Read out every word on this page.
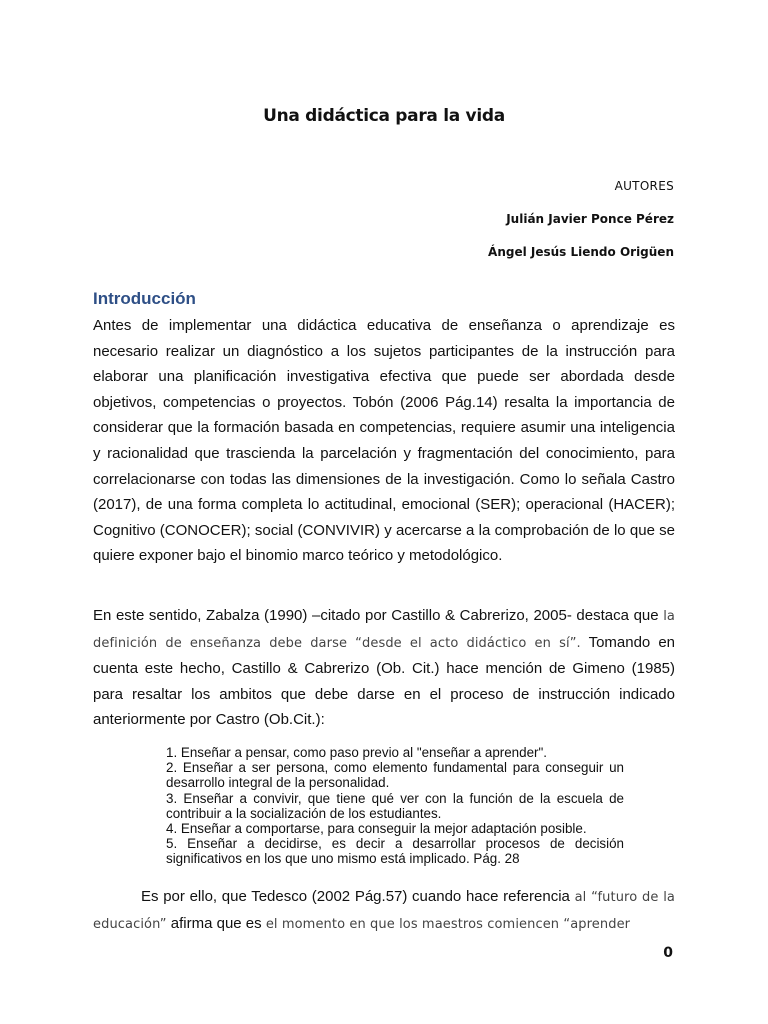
Una didáctica para la vida
AUTORES
Julián Javier Ponce Pérez
Ángel Jesús Liendo Origüen
Introducción
Antes de implementar una didáctica educativa de enseñanza o aprendizaje es necesario realizar un diagnóstico a los sujetos participantes de la instrucción para elaborar una planificación investigativa efectiva que puede ser abordada desde objetivos, competencias o proyectos. Tobón (2006 Pág.14) resalta la importancia de considerar que la formación basada en competencias, requiere asumir una inteligencia y racionalidad que trascienda la parcelación y fragmentación del conocimiento, para correlacionarse con todas las dimensiones de la investigación. Como lo señala Castro (2017), de una forma completa lo actitudinal, emocional (SER); operacional (HACER); Cognitivo (CONOCER); social (CONVIVIR) y acercarse a la comprobación de lo que se quiere exponer bajo el binomio marco teórico y metodológico.
En este sentido, Zabalza (1990) –citado por Castillo & Cabrerizo, 2005- destaca que la definición de enseñanza debe darse “desde el acto didáctico en sí”. Tomando en cuenta este hecho, Castillo & Cabrerizo (Ob. Cit.) hace mención de Gimeno (1985) para resaltar los ambitos que debe darse en el proceso de instrucción indicado anteriormente por Castro (Ob.Cit.):
1. Enseñar a pensar, como paso previo al "enseñar a aprender".
2. Enseñar a ser persona, como elemento fundamental para conseguir un desarrollo integral de la personalidad.
3. Enseñar a convivir, que tiene qué ver con la función de la escuela de contribuir a la socialización de los estudiantes.
4. Enseñar a comportarse, para conseguir la mejor adaptación posible.
5. Enseñar a decidirse, es decir a desarrollar procesos de decisión significativos en los que uno mismo está implicado. Pág. 28
Es por ello, que Tedesco (2002 Pág.57) cuando hace referencia al “futuro de la educación” afirma que es el momento en que los maestros comiencen “aprender
0
